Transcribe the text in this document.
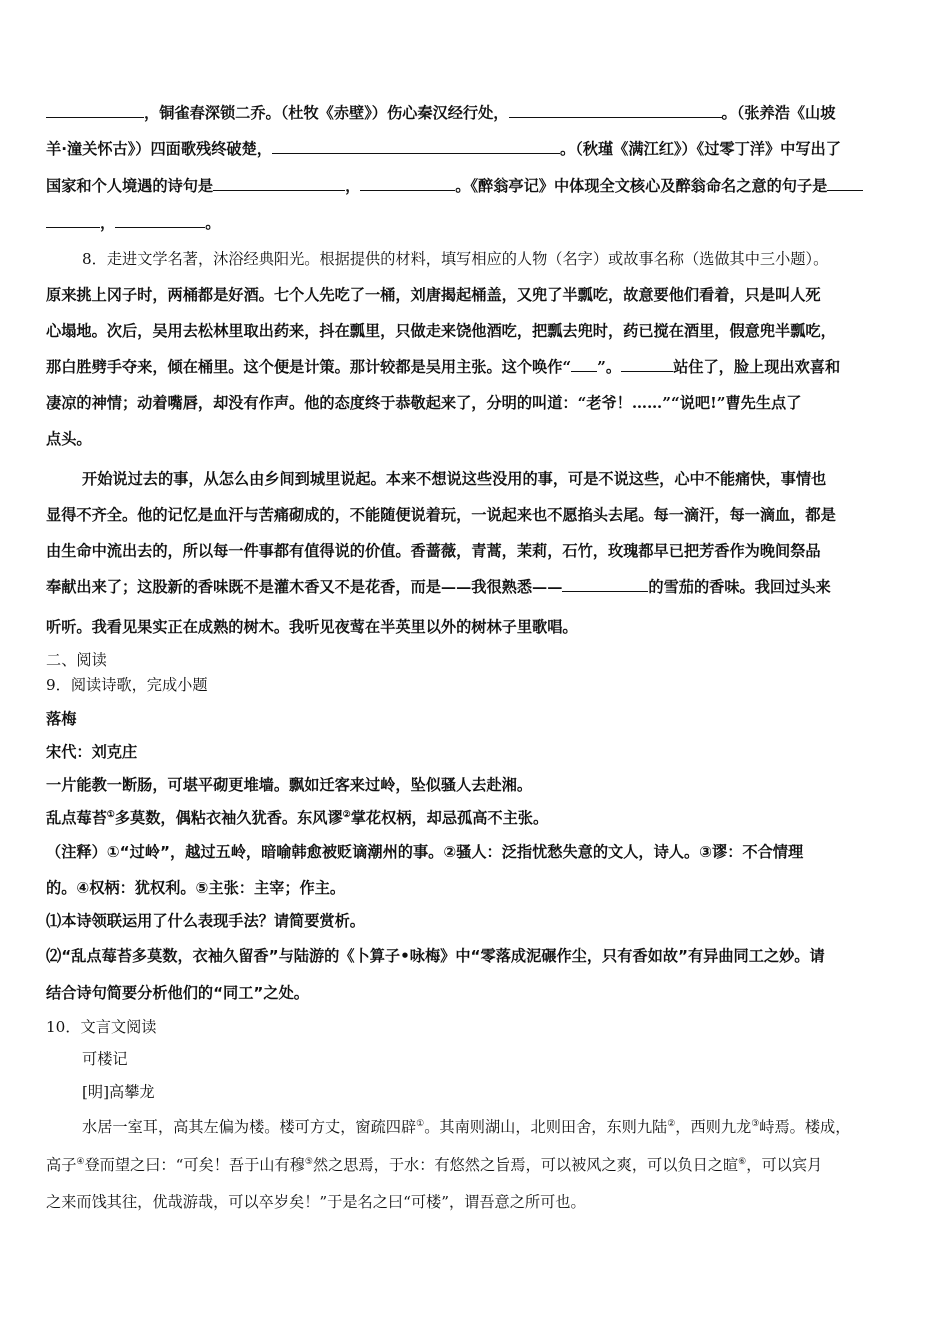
，铜雀春深锁二乔。（杜牧《赤壁》）伤心秦汉经行处，	。（张养浩《山坡
羊·潼关怀古》）四面歌残终破楚，	。（秋瑾《满江红》）《过零丁洋》中写出了
国家和个人境遇的诗句是	，	。《醉翁亭记》中体现全文核心及醉翁命名之意的句子是
，	。
8．走进文学名著，沐浴经典阳光。根据提供的材料，填写相应的人物（名字）或故事名称（选做其中三小题）。
原来挑上冈子时，两桶都是好酒。七个人先吃了一桶，刘唐揭起桶盖，又兜了半瓢吃，故意要他们看着，只是叫人死
心塌地。次后，吴用去松林里取出药来，抖在瓢里，只做走来饶他酒吃，把瓢去兜时，药已搅在酒里，假意兜半瓢吃，
那白胜劈手夺来，倾在桶里。这个便是计策。那计较都是吴用主张。这个唤作“ ”。	站住了，脸上现出欢喜和
凄凉的神情；动着嘴唇，却没有作声。他的态度终于恭敬起来了，分明的叫道：“老爷！……”“说吧!”曹先生点了
点头。
开始说过去的事，从怎么由乡间到城里说起。本来不想说这些没用的事，可是不说这些，心中不能痛快，事情也
显得不齐全。他的记忆是血汗与苦痛砌成的，不能随便说着玩，一说起来也不愿掐头去尾。每一滴汗，每一滴血，都是
由生命中流出去的，所以每一件事都有值得说的价值。香蔷薇，青蒿，茉莉，石竹，玫瑰都早已把芳香作为晚间祭品
奉献出来了；这股新的香味既不是灌木香又不是花香，而是——我很熟悉——	的雪茄的香味。我回过头来
听听。我看见果实正在成熟的树木。我听见夜莺在半英里以外的树林子里歌唱。
二、阅读
9．阅读诗歌，完成小题
落梅
宋代：刘克庄
一片能教一断肠，可堪平砌更堆墙。飘如迁客来过岭，坠似骚人去赴湘。
乱点莓苔①多莫数，偶粘衣袖久犹香。东风谬②掌花权柄，却忌孤高不主张。
（注释）①“过岭”，越过五岭，暗喻韩愈被贬谪潮州的事。②骚人：泛指忧愁失意的文人，诗人。③谬：不合情理
的。④权柄：犹权利。⑤主张：主宰；作主。
⑴本诗领联运用了什么表现手法？请简要赏析。
⑵“乱点莓苔多莫数，衣袖久留香”与陆游的《卜算子•咏梅》中“零落成泥碾作尘，只有香如故”有异曲同工之妙。请
结合诗句简要分析他们的“同工”之处。
10．文言文阅读
可楼记
[明]高攀龙
水居一室耳，高其左偏为楼。楼可方丈，窗疏四辟①。其南则湖山，北则田舍，东则九陆②，西则九龙③峙焉。楼成，
高子④登而望之曰：“可矣！吾于山有穆⑤然之思焉，于水：有悠然之旨焉，可以被风之爽，可以负日之暄⑥，可以宾月
之来而饯其往，优哉游哉，可以卒岁矣！”于是名之曰“可楼”，谓吾意之所可也。
